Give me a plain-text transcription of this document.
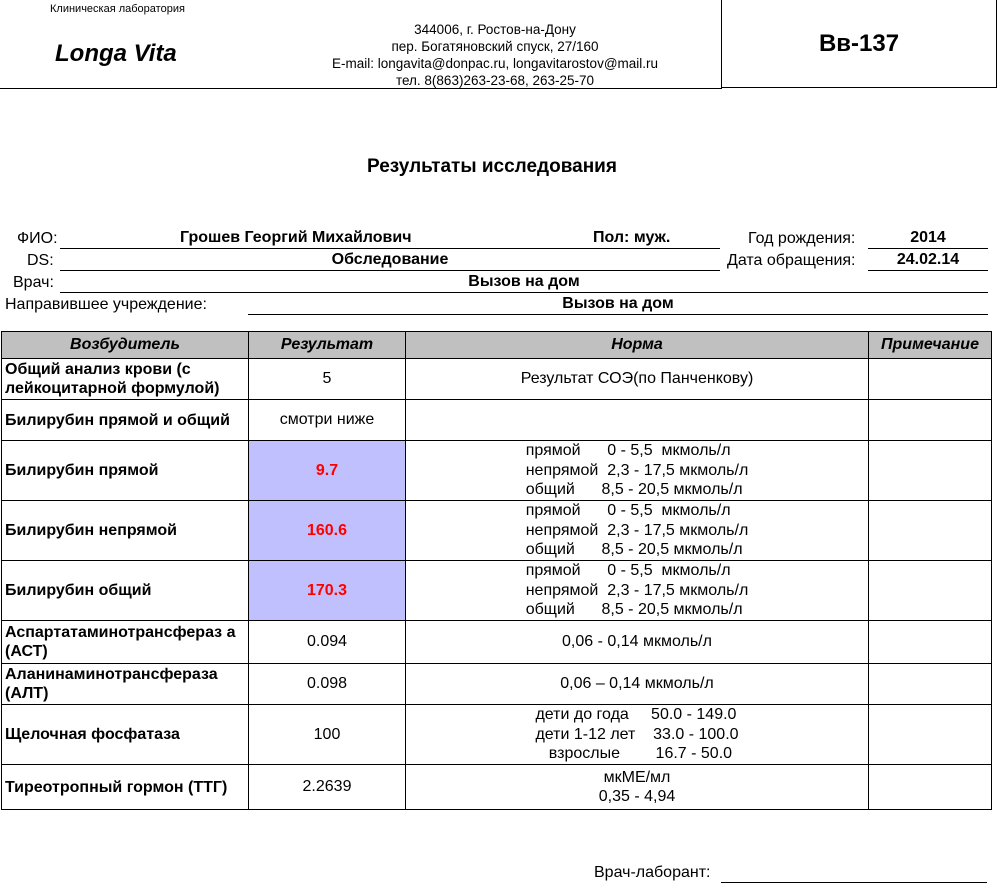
Клиническая лаборатория
Longa Vita
344006, г. Ростов-на-Дону
пер. Богатяновский спуск, 27/160
E-mail: longavita@donpac.ru, longavitarostov@mail.ru
тел. 8(863)263-23-68, 263-25-70
Вв-137
Результаты исследования
ФИО:	Грошев Георгий Михайлович	Пол: муж.	Год рождения:	2014
DS:	Обследование	Дата обращения:	24.02.14
Врач:	Вызов на дом
Направившее учреждение:	Вызов на дом
Возбудитель	Результат	Норма	Примечание
Общий анализ крови (с лейкоцитарной формулой)	5	Результат СОЭ(по Панченкову)	
Билирубин прямой и общий	смотри ниже		
Билирубин прямой	9.7	прямой      0 - 5,5  мкмоль/л
непрямой  2,3 - 17,5 мкмоль/л
общий      8,5 - 20,5 мкмоль/л	
Билирубин непрямой	160.6	прямой      0 - 5,5  мкмоль/л
непрямой  2,3 - 17,5 мкмоль/л
общий      8,5 - 20,5 мкмоль/л	
Билирубин общий	170.3	прямой      0 - 5,5  мкмоль/л
непрямой  2,3 - 17,5 мкмоль/л
общий      8,5 - 20,5 мкмоль/л	
Аспартатаминотрансфераз а (АСТ)	0.094	0,06 - 0,14 мкмоль/л	
Аланинаминотрансфераза (АЛТ)	0.098	0,06 – 0,14 мкмоль/л	
Щелочная фосфатаза	100	дети до года     50.0 - 149.0
дети 1-12 лет    33.0 - 100.0
взрослые        16.7 - 50.0	
Тиреотропный гормон (ТТГ)	2.2639	мкМЕ/мл
0,35 - 4,94	
Врач-лаборант:
